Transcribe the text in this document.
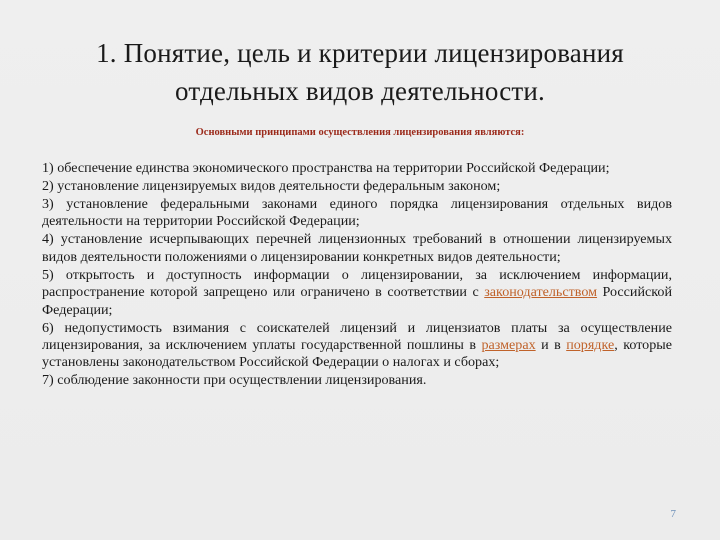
1. Понятие, цель и критерии лицензирования
отдельных видов деятельности.
Основными принципами осуществления лицензирования являются:

1) обеспечение единства экономического пространства на территории Российской Федерации;

2) установление лицензируемых видов деятельности федеральным законом;

3) установление федеральными законами единого порядка лицензирования отдельных видов деятельности на территории Российской Федерации;

4) установление исчерпывающих перечней лицензионных требований в отношении лицензируемых видов деятельности положениями о лицензировании конкретных видов деятельности;

5) открытость и доступность информации о лицензировании, за исключением информации, распространение которой запрещено или ограничено в соответствии с законодательством Российской Федерации;

6) недопустимость взимания с соискателей лицензий и лицензиатов платы за осуществление лицензирования, за исключением уплаты государственной пошлины в размерах и в порядке, которые установлены законодательством Российской Федерации о налогах и сборах;

7) соблюдение законности при осуществлении лицензирования.

7
